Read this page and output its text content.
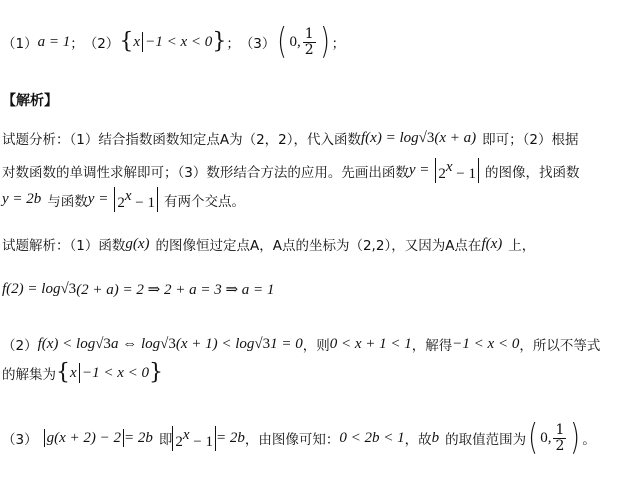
（1） a = 1 ； （2） { x −1 < x < 0 } ； （3） ( 0, $\frac{1}{2}$ ) ；
【解析】
试题分析：（1）结合指数函数知定点A为（2，2），代入函数 f(x) = log √3 (x + a) 即可；（2）根据
对数函数的单调性求解即可；（3）数形结合方法的应用。先画出函数 $y = 2^x - 1$ 的图像，找函数
y = 2b 与函数 $y = 2^x - 1$ 有两个交点。
试题解析：（1）函数 g(x) 的图像恒过定点A，A点的坐标为（2,2），又因为A点在 f(x) 上，
f(2) = log √3 (2 + a) = 2 ⇒ 2 + a = 3 ⇒ a = 1
（2） f(x) < log √3 a ⇔ log √3 (x + 1) < log √3 1 = 0 ，则 0 < x + 1 < 1 ，解得 −1 < x < 0 ，所以不等式
的解集为 { x −1 < x < 0 }
（3） g(x + 2) − 2 = 2b 即 $2^x - 1 = 2b$ ，由图像可知： 0 < 2b < 1 ，故 b 的取值范围为 ( 0, $\frac{1}{2}$ ) 。
